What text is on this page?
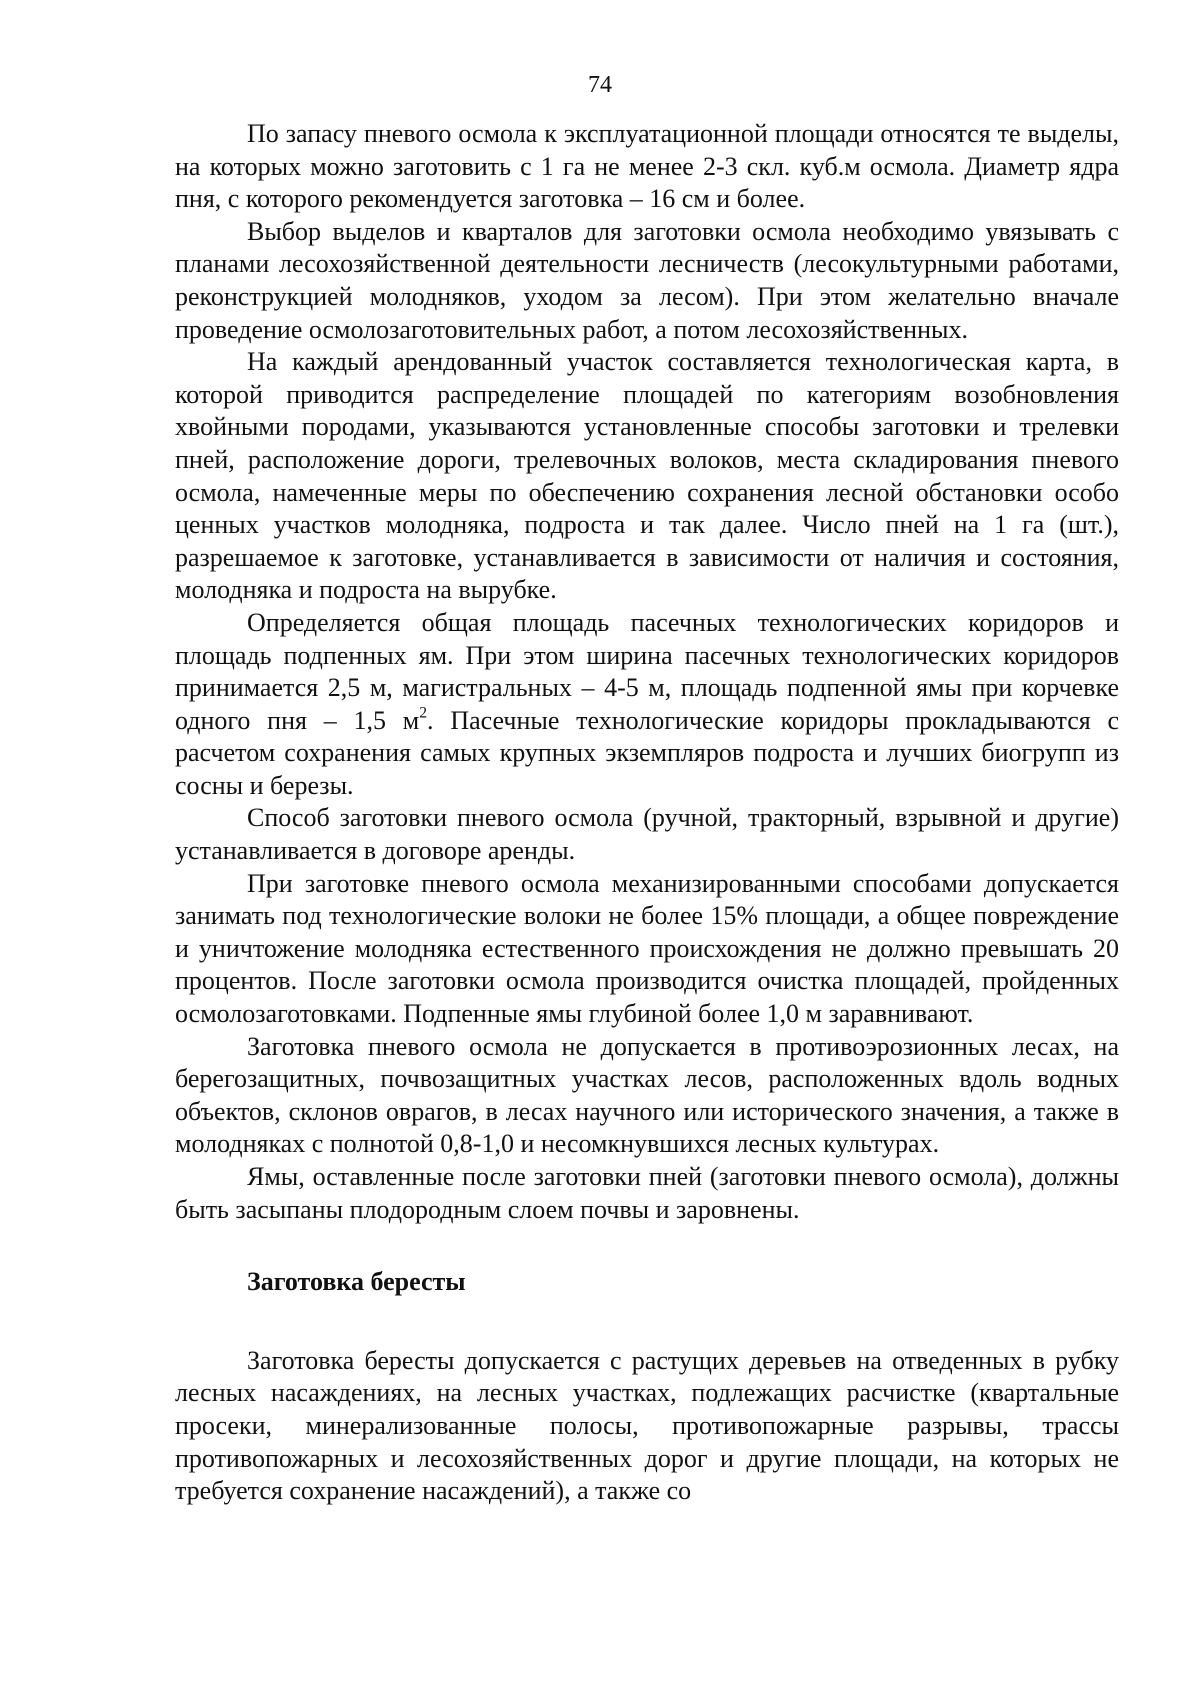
74

По запасу пневого осмола к эксплуатационной площади относятся те выделы, на которых можно заготовить с 1 га не менее 2-3 скл. куб.м осмола. Диаметр ядра пня, с которого рекомендуется заготовка – 16 см и более.

Выбор выделов и кварталов для заготовки осмола необходимо увязывать с планами лесохозяйственной деятельности лесничеств (лесокультурными работами, реконструкцией молодняков, уходом за лесом). При этом желательно вначале проведение осмолозаготовительных работ, а потом лесохозяйственных.

На каждый арендованный участок составляется технологическая карта, в которой приводится распределение площадей по категориям возобновления хвойными породами, указываются установленные способы заготовки и трелевки пней, расположение дороги, трелевочных волоков, места складирования пневого осмола, намеченные меры по обеспечению сохранения лесной обстановки особо ценных участков молодняка, подроста и так далее. Число пней на 1 га (шт.), разрешаемое к заготовке, устанавливается в зависимости от наличия и состояния, молодняка и подроста на вырубке.

Определяется общая площадь пасечных технологических коридоров и площадь подпенных ям. При этом ширина пасечных технологических коридоров принимается 2,5 м, магистральных – 4-5 м, площадь подпенной ямы при корчевке одного пня – 1,5 $м^2$. Пасечные технологические коридоры прокладываются с расчетом сохранения самых крупных экземпляров подроста и лучших биогрупп из сосны и березы.

Способ заготовки пневого осмола (ручной, тракторный, взрывной и другие) устанавливается в договоре аренды.

При заготовке пневого осмола механизированными способами допускается занимать под технологические волоки не более 15% площади, а общее повреждение и уничтожение молодняка естественного происхождения не должно превышать 20 процентов. После заготовки осмола производится очистка площадей, пройденных осмолозаготовками. Подпенные ямы глубиной более 1,0 м заравнивают.

Заготовка пневого осмола не допускается в противоэрозионных лесах, на берегозащитных, почвозащитных участках лесов, расположенных вдоль водных объектов, склонов оврагов, в лесах научного или исторического значения, а также в молодняках с полнотой 0,8-1,0 и несомкнувшихся лесных культурах.

Ямы, оставленные после заготовки пней (заготовки пневого осмола), должны быть засыпаны плодородным слоем почвы и заровнены.

Заготовка бересты

Заготовка бересты допускается с растущих деревьев на отведенных в рубку лесных насаждениях, на лесных участках, подлежащих расчистке (квартальные просеки, минерализованные полосы, противопожарные разрывы, трассы противопожарных и лесохозяйственных дорог и другие площади, на которых не требуется сохранение насаждений), а также со
